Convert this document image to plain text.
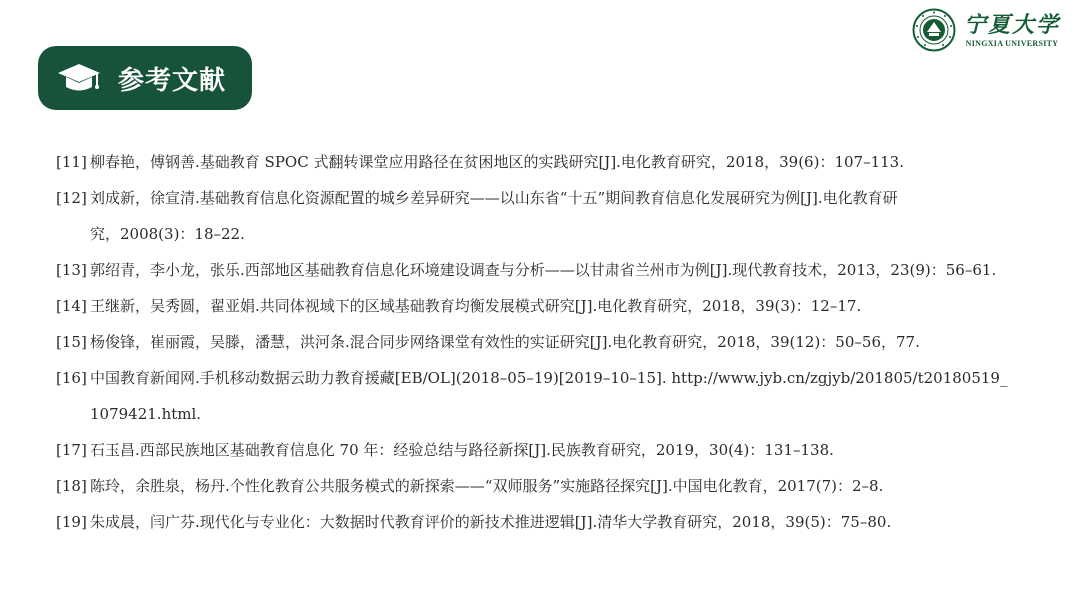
参考文献
宁夏大学
NINGXIA UNIVERSITY
[11] 柳春艳，傅钢善.基础教育 SPOC 式翻转课堂应用路径在贫困地区的实践研究[J].电化教育研究，2018，39(6)：107–113.
[12] 刘成新，徐宣清.基础教育信息化资源配置的城乡差异研究——以山东省“十五”期间教育信息化发展研究为例[J].电化教育研
究，2008(3)：18–22.
[13] 郭绍青，李小龙，张乐.西部地区基础教育信息化环境建设调查与分析——以甘肃省兰州市为例[J].现代教育技术，2013，23(9)：56–61.
[14] 王继新，吴秀圆，翟亚娟.共同体视域下的区域基础教育均衡发展模式研究[J].电化教育研究，2018，39(3)：12–17.
[15] 杨俊锋，崔丽霞，吴滕，潘慧，洪河条.混合同步网络课堂有效性的实证研究[J].电化教育研究，2018，39(12)：50–56，77.
[16] 中国教育新闻网.手机移动数据云助力教育援藏[EB/OL](2018–05–19)[2019–10–15]. http://www.jyb.cn/zgjyb/201805/t20180519_
1079421.html.
[17] 石玉昌.西部民族地区基础教育信息化 70 年：经验总结与路径新探[J].民族教育研究，2019，30(4)：131–138.
[18] 陈玲，余胜泉，杨丹.个性化教育公共服务模式的新探索——“双师服务”实施路径探究[J].中国电化教育，2017(7)：2–8.
[19] 朱成晨，闫广芬.现代化与专业化：大数据时代教育评价的新技术推进逻辑[J].清华大学教育研究，2018，39(5)：75–80.
